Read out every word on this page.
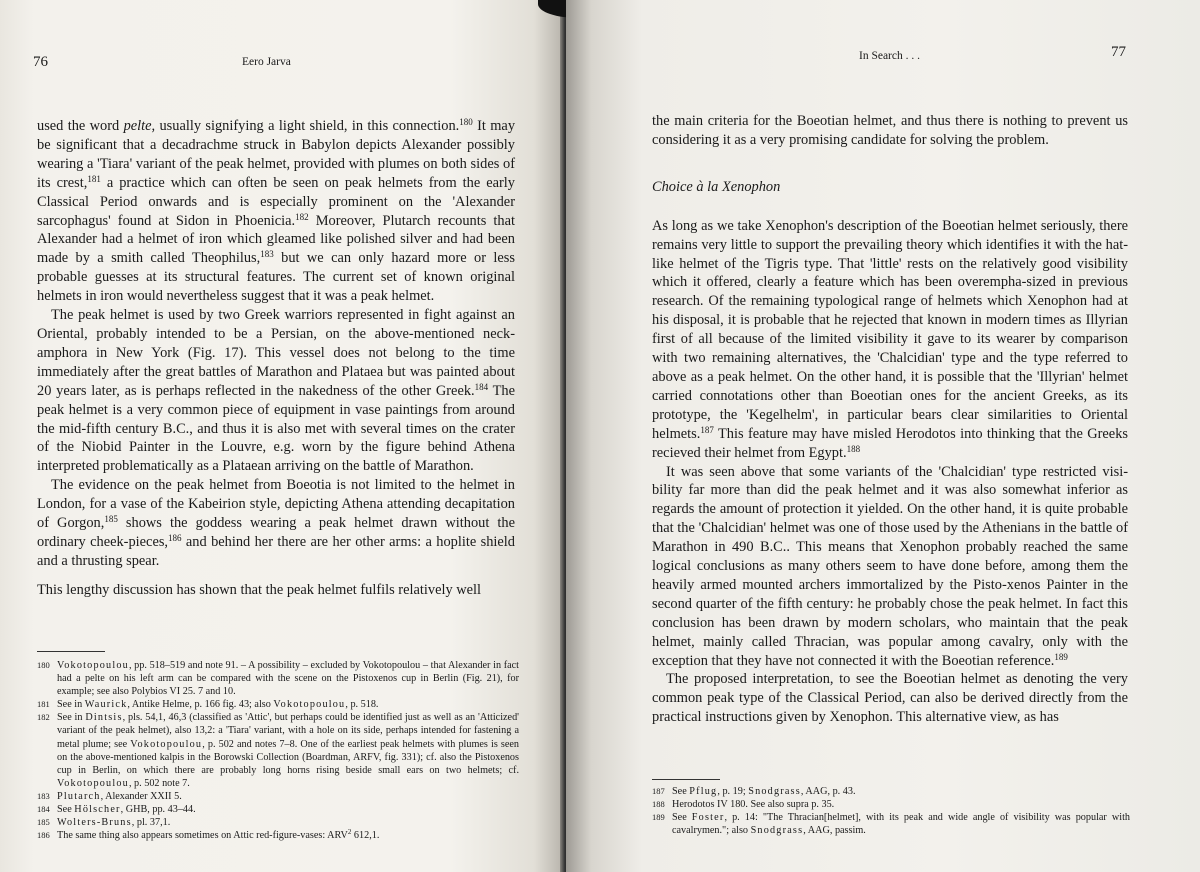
76	Eero Jarva

used the word pelte, usually signifying a light shield, in this connection.$^{180}$ It may be significant that a decadrachme struck in Babylon depicts Alexander possibly wearing a 'Tiara' variant of the peak helmet, provided with plumes on both sides of its crest,$^{181}$ a practice which can often be seen on peak helmets from the early Classical Period onwards and is especially prominent on the 'Alexander sarcophagus' found at Sidon in Phoenicia.$^{182}$ Moreover, Plutarch recounts that Alexander had a helmet of iron which gleamed like polished silver and had been made by a smith called Theophilus,$^{183}$ but we can only hazard more or less probable guesses at its structural features. The current set of known original helmets in iron would nevertheless suggest that it was a peak helmet.

The peak helmet is used by two Greek warriors represented in fight against an Oriental, probably intended to be a Persian, on the above-mentioned neck-amphora in New York (Fig. 17). This vessel does not belong to the time immediately after the great battles of Marathon and Plataea but was painted about 20 years later, as is perhaps reflected in the nakedness of the other Greek.$^{184}$ The peak helmet is a very common piece of equipment in vase paintings from around the mid-fifth century B.C., and thus it is also met with several times on the crater of the Niobid Painter in the Louvre, e.g. worn by the figure behind Athena interpreted problematically as a Plataean arriving on the battle of Marathon.

The evidence on the peak helmet from Boeotia is not limited to the helmet in London, for a vase of the Kabeirion style, depicting Athena attending decapitation of Gorgon,$^{185}$ shows the goddess wearing a peak helmet drawn without the ordinary cheek-pieces,$^{186}$ and behind her there are her other arms: a hoplite shield and a thrusting spear.

This lengthy discussion has shown that the peak helmet fulfils relatively well

180 Vokotopoulou, pp. 518–519 and note 91. – A possibility – excluded by Vokotopoulou – that Alexander in fact had a pelte on his left arm can be compared with the scene on the Pistoxenos cup in Berlin (Fig. 21), for example; see also Polybios VI 25. 7 and 10.
181 See in Waurick, Antike Helme, p. 166 fig. 43; also Vokotopoulou, p. 518.
182 See in Dintsis, pls. 54,1, 46,3 (classified as 'Attic', but perhaps could be identified just as well as an 'Atticized' variant of the peak helmet), also 13,2: a 'Tiara' variant, with a hole on its side, perhaps intended for fastening a metal plume; see Vokotopoulou, p. 502 and notes 7–8. One of the earliest peak helmets with plumes is seen on the above-mentioned kalpis in the Borowski Collection (Boardman, ARFV, fig. 331); cf. also the Pistoxenos cup in Berlin, on which there are probably long horns rising beside small ears on two helmets; cf. Vokotopoulou, p. 502 note 7.
183 Plutarch, Alexander XXII 5.
184 See Hölscher, GHB, pp. 43–44.
185 Wolters-Bruns, pl. 37,1.
186 The same thing also appears sometimes on Attic red-figure-vases: ARV$^2$ 612,1.
77
In Search . . .

the main criteria for the Boeotian helmet, and thus there is nothing to prevent us considering it as a very promising candidate for solving the problem.

Choice à la Xenophon

As long as we take Xenophon's description of the Boeotian helmet seriously, there remains very little to support the prevailing theory which identifies it with the hat-like helmet of the Tigris type. That 'little' rests on the relatively good visibility which it offered, clearly a feature which has been overempha-sized in previous research. Of the remaining typological range of helmets which Xenophon had at his disposal, it is probable that he rejected that known in modern times as Illyrian first of all because of the limited visibility it gave to its wearer by comparison with two remaining alternatives, the 'Chalcidian' type and the type referred to above as a peak helmet. On the other hand, it is possible that the 'Illyrian' helmet carried connotations other than Boeotian ones for the ancient Greeks, as its prototype, the 'Kegelhelm', in particular bears clear similarities to Oriental helmets.$^{187}$ This feature may have misled Herodotos into thinking that the Greeks recieved their helmet from Egypt.$^{188}$

It was seen above that some variants of the 'Chalcidian' type restricted visi-bility far more than did the peak helmet and it was also somewhat inferior as regards the amount of protection it yielded. On the other hand, it is quite probable that the 'Chalcidian' helmet was one of those used by the Athenians in the battle of Marathon in 490 B.C.. This means that Xenophon probably reached the same logical conclusions as many others seem to have done before, among them the heavily armed mounted archers immortalized by the Pisto-xenos Painter in the second quarter of the fifth century: he probably chose the peak helmet. In fact this conclusion has been drawn by modern scholars, who maintain that the peak helmet, mainly called Thracian, was popular among cavalry, only with the exception that they have not connected it with the Boeotian reference.$^{189}$

The proposed interpretation, to see the Boeotian helmet as denoting the very common peak type of the Classical Period, can also be derived directly from the practical instructions given by Xenophon. This alternative view, as has

187 See Pflug, p. 19; Snodgrass, AAG, p. 43.
188 Herodotos IV 180. See also supra p. 35.
189 See Foster, p. 14: "The Thracian[helmet], with its peak and wide angle of visibility was popular with cavalrymen."; also Snodgrass, AAG, passim.
